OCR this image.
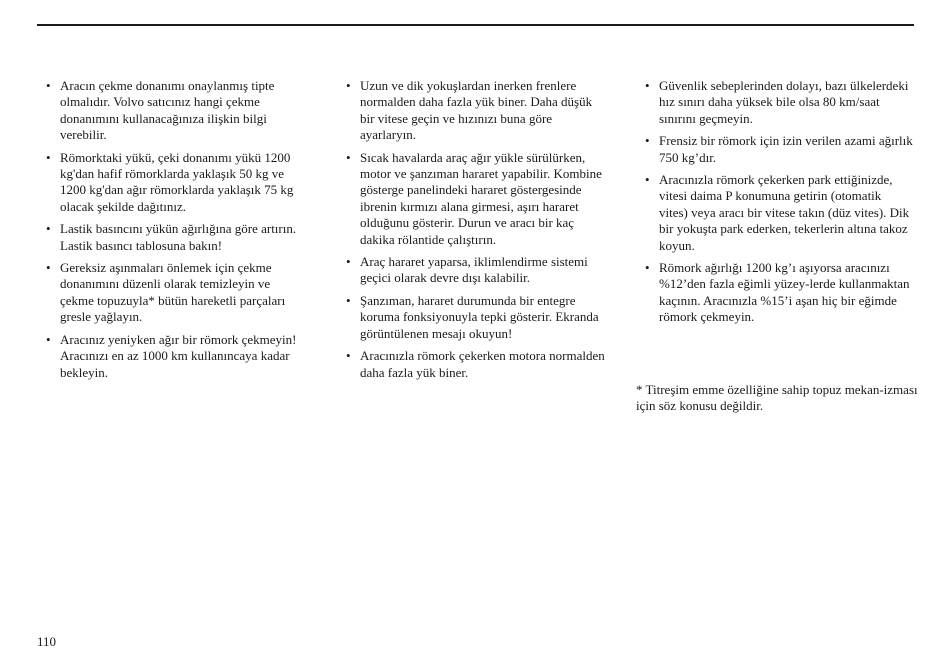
• Aracın çekme donanımı onaylanmış tipte olmalıdır. Volvo satıcınız hangi çekme donanımını kullanacağınıza ilişkin bilgi verebilir.
• Römorktaki yükü, çeki donanımı yükü 1200 kg'dan hafif römorklarda yaklaşık 50 kg ve 1200 kg'dan ağır römorklarda yaklaşık 75 kg olacak şekilde dağıtınız.
• Lastik basıncını yükün ağırlığına göre artırın. Lastik basıncı tablosuna bakın!
• Gereksiz aşınmaları önlemek için çekme donanımını düzenli olarak temizleyin ve çekme topuzuyla* bütün hareketli parçaları gresle yağlayın.
• Aracınız yeniyken ağır bir römork çekmeyin! Aracınızı en az 1000 km kullanıncaya kadar bekleyin.
• Uzun ve dik yokuşlardan inerken frenlere normalden daha fazla yük biner. Daha düşük bir vitese geçin ve hızınızı buna göre ayarlaryın.
• Sıcak havalarda araç ağır yükle sürülürken, motor ve şanzıman hararet yapabilir. Kombine gösterge panelindeki hararet göstergesinde ibrenin kırmızı alana girmesi, aşırı hararet olduğunu gösterir. Durun ve aracı bir kaç dakika rölantide çalıştırın.
• Araç hararet yaparsa, iklimlendirme sistemi geçici olarak devre dışı kalabilir.
• Şanzıman, hararet durumunda bir entegre koruma fonksiyonuyla tepki gösterir. Ekranda görüntülenen mesajı okuyun!
• Aracınızla römork çekerken motora normalden daha fazla yük biner.
• Güvenlik sebeplerinden dolayı, bazı ülkelerdeki hız sınırı daha yüksek bile olsa 80 km/saat sınırını geçmeyin.
• Frensiz bir römork için izin verilen azami ağırlık 750 kg’dır.
• Aracınızla römork çekerken park ettiğinizde, vitesi daima P konumuna getirin (otomatik vites) veya aracı bir vitese takın (düz vites). Dik bir yokuşta park ederken, tekerlerin altına takoz koyun.
• Römork ağırlığı 1200 kg’ı aşıyorsa aracınızı %12’den fazla eğimli yüzey-lerde kullanmaktan kaçının. Aracınızla %15’i aşan hiç bir eğimde römork çekmeyin.
* Titreşim emme özelliğine sahip topuz mekan-izması için söz konusu değildir.
110
